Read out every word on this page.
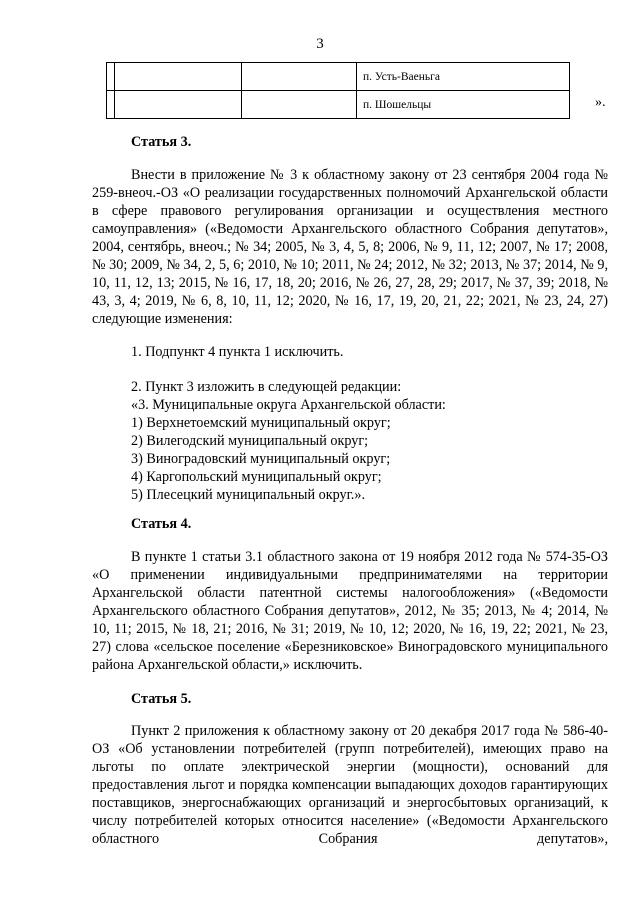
3
			п. Усть-Ваеньга
			п. Шошельцы	».
Статья 3.

Внести в приложение № 3 к областному закону от 23 сентября 2004 года № 259-внеоч.-ОЗ «О реализации государственных полномочий Архангельской области в сфере правового регулирования организации и осуществления местного самоуправления» («Ведомости Архангельского областного Собрания депутатов», 2004, сентябрь, внеоч.; № 34; 2005, № 3, 4, 5, 8; 2006, № 9, 11, 12; 2007, № 17; 2008, № 30; 2009, № 34, 2, 5, 6; 2010, № 10; 2011, № 24; 2012, № 32; 2013, № 37; 2014, № 9, 10, 11, 12, 13; 2015, № 16, 17, 18, 20; 2016, № 26, 27, 28, 29; 2017, № 37, 39; 2018, № 43, 3, 4; 2019, № 6, 8, 10, 11, 12; 2020, № 16, 17, 19, 20, 21, 22; 2021, № 23, 24, 27) следующие изменения:

1. Подпункт 4 пункта 1 исключить.

2. Пункт 3 изложить в следующей редакции:

«3. Муниципальные округа Архангельской области:

1) Верхнетоемский муниципальный округ;

2) Вилегодский муниципальный округ;

3) Виноградовский муниципальный округ;

4) Каргопольский муниципальный округ;

5) Плесецкий муниципальный округ.».

Статья 4.

В пункте 1 статьи 3.1 областного закона от 19 ноября 2012 года № 574-35-ОЗ «О применении индивидуальными предпринимателями на территории Архангельской области патентной системы налогообложения» («Ведомости Архангельского областного Собрания депутатов», 2012, № 35; 2013, № 4; 2014, № 10, 11; 2015, № 18, 21; 2016, № 31; 2019, № 10, 12; 2020, № 16, 19, 22; 2021, № 23, 27) слова «сельское поселение «Березниковское» Виноградовского муниципального района Архангельской области,» исключить.

Статья 5.

Пункт 2 приложения к областному закону от 20 декабря 2017 года № 586-40-ОЗ «Об установлении потребителей (групп потребителей), имеющих право на льготы по оплате электрической энергии (мощности), оснований для предоставления льгот и порядка компенсации выпадающих доходов гарантирующих поставщиков, энергоснабжающих организаций и энергосбытовых организаций, к числу потребителей которых относится население» («Ведомости Архангельского областного Собрания депутатов»,
